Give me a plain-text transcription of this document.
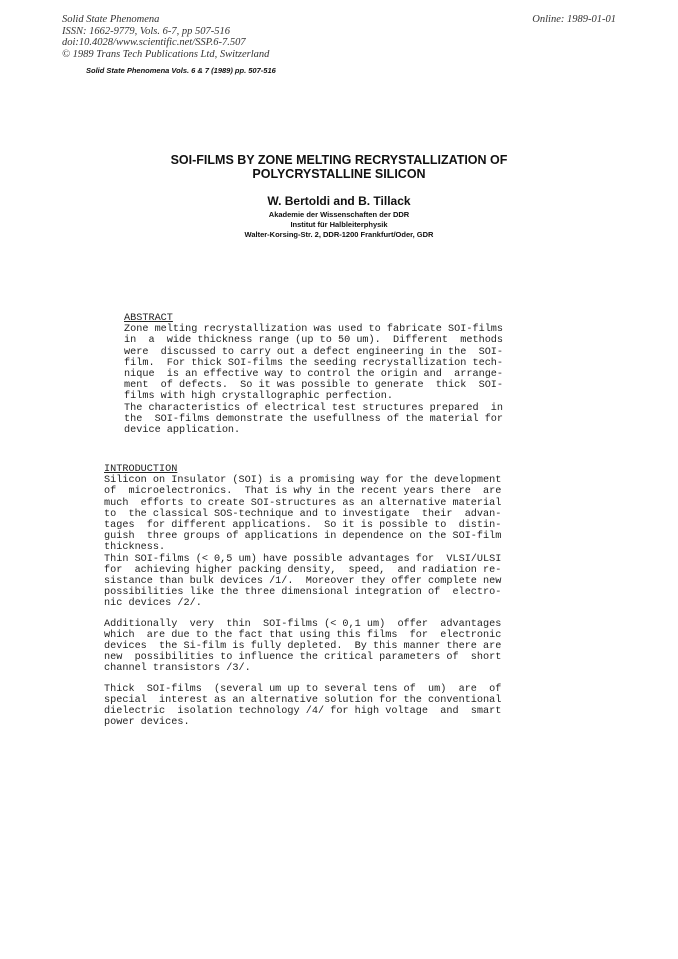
Solid State Phenomena
ISSN: 1662-9779, Vols. 6-7, pp 507-516
doi:10.4028/www.scientific.net/SSP.6-7.507
© 1989 Trans Tech Publications Ltd, Switzerland
Online: 1989-01-01
Solid State Phenomena Vols. 6 & 7 (1989) pp. 507-516
SOI-FILMS BY ZONE MELTING RECRYSTALLIZATION OF
POLYCRYSTALLINE SILICON
W. Bertoldi and B. Tillack
Akademie der Wissenschaften der DDR
Institut für Halbleiterphysik
Walter-Korsing-Str. 2, DDR-1200 Frankfurt/Oder, GDR
ABSTRACT
Zone melting recrystallization was used to fabricate SOI-films
in  a  wide thickness range (up to 50 um).  Different  methods
were  discussed to carry out a defect engineering in the  SOI-
film.  For thick SOI-films the seeding recrystallization tech-
nique  is an effective way to control the origin and  arrange-
ment  of defects.  So it was possible to generate  thick  SOI-
films with high crystallographic perfection.
The characteristics of electrical test structures prepared  in
the  SOI-films demonstrate the usefullness of the material for
device application.
INTRODUCTION
Silicon on Insulator (SOI) is a promising way for the development
of  microelectronics.  That is why in the recent years there  are
much  efforts to create SOI-structures as an alternative material
to  the classical SOS-technique and to investigate  their  advan-
tages  for different applications.  So it is possible to  distin-
guish  three groups of applications in dependence on the SOI-film
thickness.
Thin SOI-films (< 0,5 um) have possible advantages for  VLSI/ULSI
for  achieving higher packing density,  speed,  and radiation re-
sistance than bulk devices /1/.  Moreover they offer complete new
possibilities like the three dimensional integration of  electro-
nic devices /2/.
Additionally  very  thin  SOI-films (< 0,1 um)  offer  advantages
which  are due to the fact that using this films  for  electronic
devices  the Si-film is fully depleted.  By this manner there are
new  possibilities to influence the critical parameters of  short
channel transistors /3/.
Thick  SOI-films  (several um up to several tens of  um)  are  of
special  interest as an alternative solution for the conventional
dielectric  isolation technology /4/ for high voltage  and  smart
power devices.
